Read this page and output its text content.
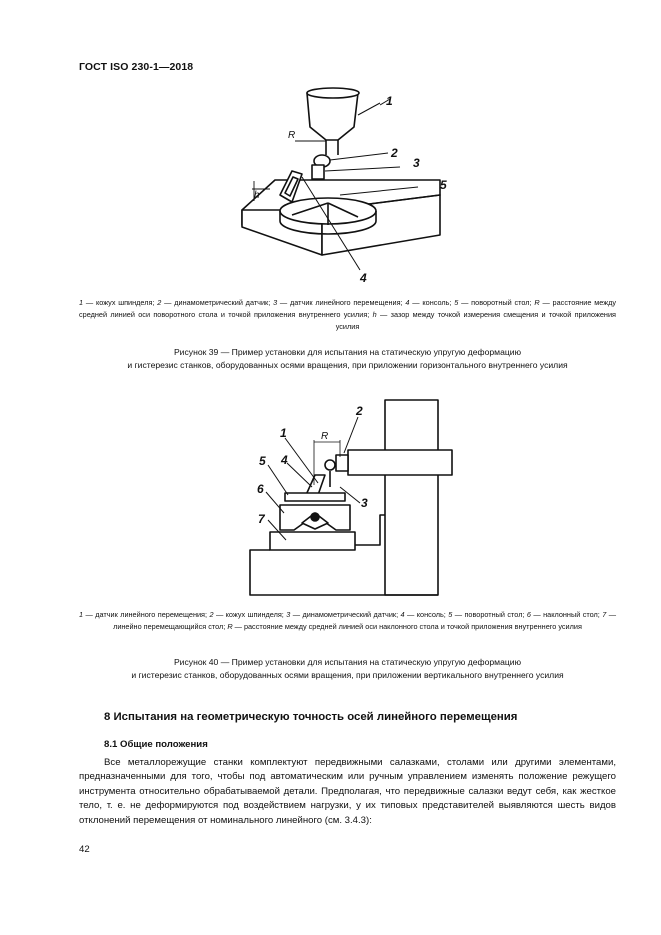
ГОСТ ISO 230-1—2018
1
2
3
4
5
R
h
1 — кожух шпинделя; 2 — динамометрический датчик; 3 — датчик линейного перемещения; 4 — консоль; 5 — поворотный стол; R — расстояние между средней линией оси поворотного стола и точкой приложения внутреннего усилия; h — зазор между точкой измерения смещения и точкой приложения усилия
Рисунок 39 — Пример установки для испытания на статическую упругую деформацию
и гистерезис станков, оборудованных осями вращения, при приложении горизонтального внутреннего усилия
1
2
3
4
5
6
7
R
1 — датчик линейного перемещения; 2 — кожух шпинделя; 3 — динамометрический датчик; 4 — консоль; 5 — поворотный стол; 6 — наклонный стол; 7 — линейно перемещающийся стол; R — расстояние между средней линией оси наклонного стола и точкой приложения внутреннего усилия
Рисунок 40 — Пример установки для испытания на статическую упругую деформацию
и гистерезис станков, оборудованных осями вращения, при приложении вертикального внутреннего усилия
8 Испытания на геометрическую точность осей линейного перемещения
8.1 Общие положения

Все металлорежущие станки комплектуют передвижными салазками, столами или другими элементами, предназначенными для того, чтобы под автоматическим или ручным управлением изменять положение режущего инструмента относительно обрабатываемой детали. Предполагая, что передвижные салазки ведут себя, как жесткое тело, т. е. не деформируются под воздействием нагрузки, у их типовых представителей выявляются шесть видов отклонений перемещения от номинального линейного (см. 3.4.3):

42
